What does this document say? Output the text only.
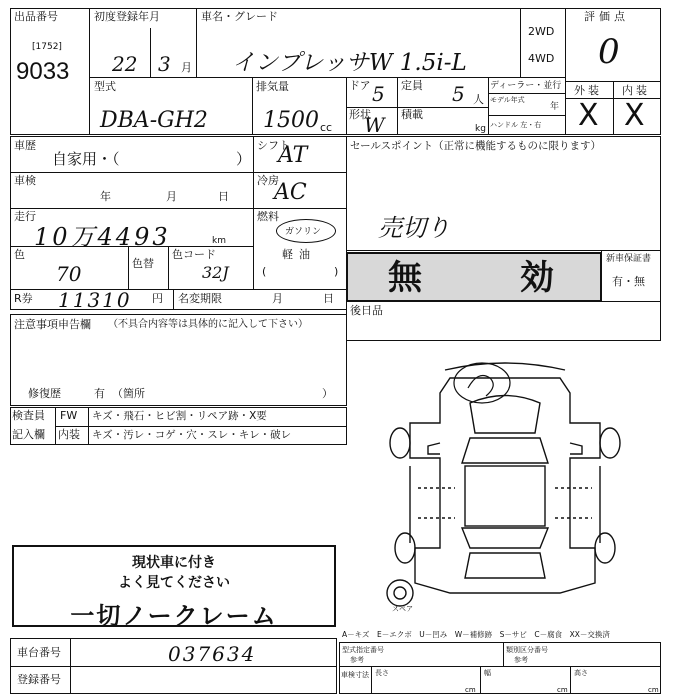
出品番号
[1752]
9033
初度登録年月
22 3 月
車名・グレード
インプレッサW 1.5i-L
2WD
4WD
評価点
0
型式
DBA-GH2
排気量
1500 cc
ドア 5 定員 5 人
形状
W 積載
kg
ディーラー・並行
モデル年式
年
ハンドル 左・右
外装 内装
X X
車歴
自家用・（	）
シフト
AT
車検
年	月	日
冷房
AC
走行
10万4493	km
燃料
ガソリン
軽油
(	)
色
70	色替
色コード
32J
R券 11310 円 名変期限	月	日
注意事項申告欄 （不具合内容等は具体的に記入して下さい）
修復歴	有 （箇所	）
検査員
記入欄
FW キズ・飛石・ヒビ割・リペア跡・X要
内装 キズ・汚レ・コゲ・穴・スレ・キレ・破レ
現状車に付き
よく見てください
一切ノークレーム
セールスポイント（正常に機能するものに限ります）
売切り
無	効	新車保証書
有・無
後日品
スペア
A－キズ　E－エクボ　U－凹み　W－補修跡　S－サビ　C－腐食　XX－交換済
車台番号	037634
登録番号
型式指定番号
参考
類別区分番号
参考
車検寸法 長さ
cm
幅
cm
高さ
cm
